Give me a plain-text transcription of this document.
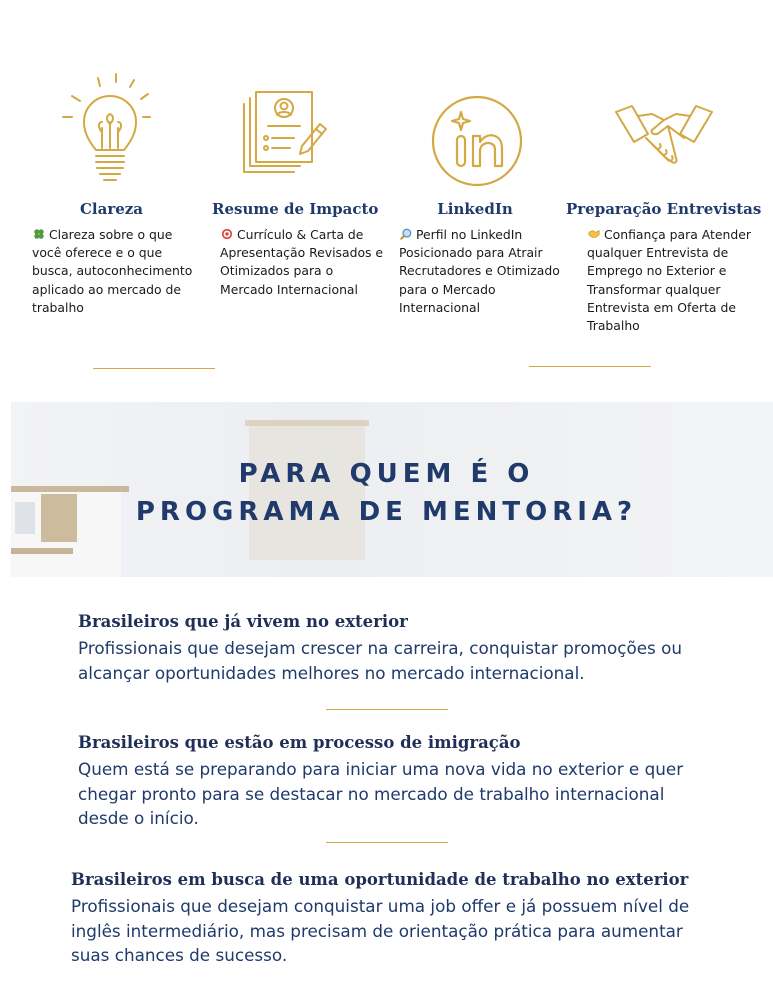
Clareza
Clareza sobre o que você oferece e o que busca, autoconhecimento aplicado ao mercado de trabalho
Resume de Impacto
Currículo & Carta de Apresentação Revisados e Otimizados para o Mercado Internacional
LinkedIn
Perfil no LinkedIn Posicionado para Atrair Recrutadores e Otimizado para o Mercado Internacional
Preparação Entrevistas
Confiança para Atender qualquer Entrevista de Emprego no Exterior e Transformar qualquer Entrevista em Oferta de Trabalho
PARA QUEM É O
PROGRAMA DE MENTORIA?
Brasileiros que já vivem no exterior
Profissionais que desejam crescer na carreira, conquistar promoções ou alcançar oportunidades melhores no mercado internacional.
Brasileiros que estão em processo de imigração
Quem está se preparando para iniciar uma nova vida no exterior e quer chegar pronto para se destacar no mercado de trabalho internacional desde o início.
Brasileiros em busca de uma oportunidade de trabalho no exterior
Profissionais que desejam conquistar uma job offer e já possuem nível de inglês intermediário, mas precisam de orientação prática para aumentar suas chances de sucesso.
